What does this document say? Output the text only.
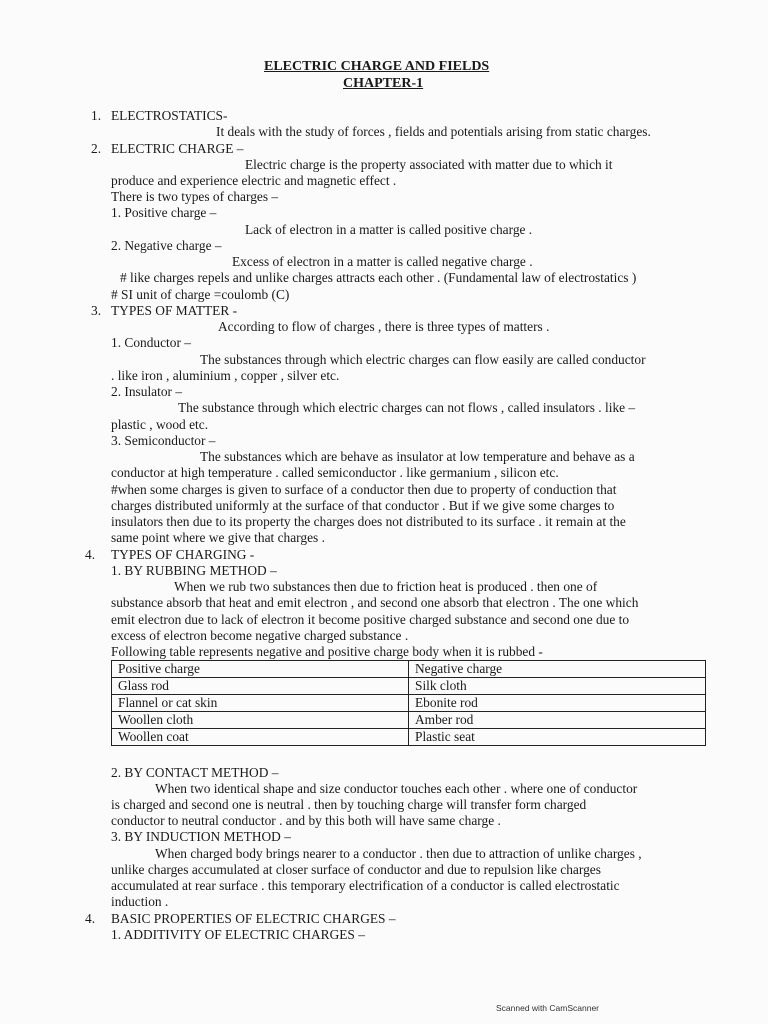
ELECTRIC CHARGE AND FIELDS
CHAPTER-1
1. ELECTROSTATICS-
It deals with the study of forces , fields and potentials arising from static charges.
2. ELECTRIC CHARGE –
Electric charge is the property associated with matter due to which it
produce and experience electric and magnetic effect .
There is two types of charges –
1. Positive charge –
Lack of electron in a matter is called positive charge .
2. Negative charge –
Excess of electron in a matter is called negative charge .
# like charges repels and unlike charges attracts each other . (Fundamental law of electrostatics )
# SI unit of charge =coulomb (C)
3. TYPES OF MATTER -
According to flow of charges , there is three types of matters .
1. Conductor –
The substances through which electric charges can flow easily are called conductor
. like iron , aluminium , copper , silver etc.
2. Insulator –
The substance through which electric charges can not flows , called insulators . like –
plastic , wood etc.
3. Semiconductor –
The substances which are behave as insulator at low temperature and behave as a
conductor at high temperature . called semiconductor . like germanium , silicon etc.
#when some charges is given to surface of a conductor then due to property of conduction that
charges distributed uniformly at the surface of that conductor . But if we give some charges to
insulators then due to its property the charges does not distributed to its surface . it remain at the
same point where we give that charges .
4. TYPES OF CHARGING -
1. BY RUBBING METHOD –
When we rub two substances then due to friction heat is produced . then one of
substance absorb that heat and emit electron , and second one absorb that electron . The one which
emit electron due to lack of electron it become positive charged substance and second one due to
excess of electron become negative charged substance .
Following table represents negative and positive charge body when it is rubbed -
Positive charge	Negative charge
Glass rod	Silk cloth
Flannel or cat skin	Ebonite rod
Woollen cloth	Amber rod
Woollen coat	Plastic seat
2. BY CONTACT METHOD –
When two identical shape and size conductor touches each other . where one of conductor
is charged and second one is neutral . then by touching charge will transfer form charged
conductor to neutral conductor . and by this both will have same charge .
3. BY INDUCTION METHOD –
When charged body brings nearer to a conductor . then due to attraction of unlike charges ,
unlike charges accumulated at closer surface of conductor and due to repulsion like charges
accumulated at rear surface . this temporary electrification of a conductor is called electrostatic
induction .
4. BASIC PROPERTIES OF ELECTRIC CHARGES –
1. ADDITIVITY OF ELECTRIC CHARGES –
Scanned with CamScanner
